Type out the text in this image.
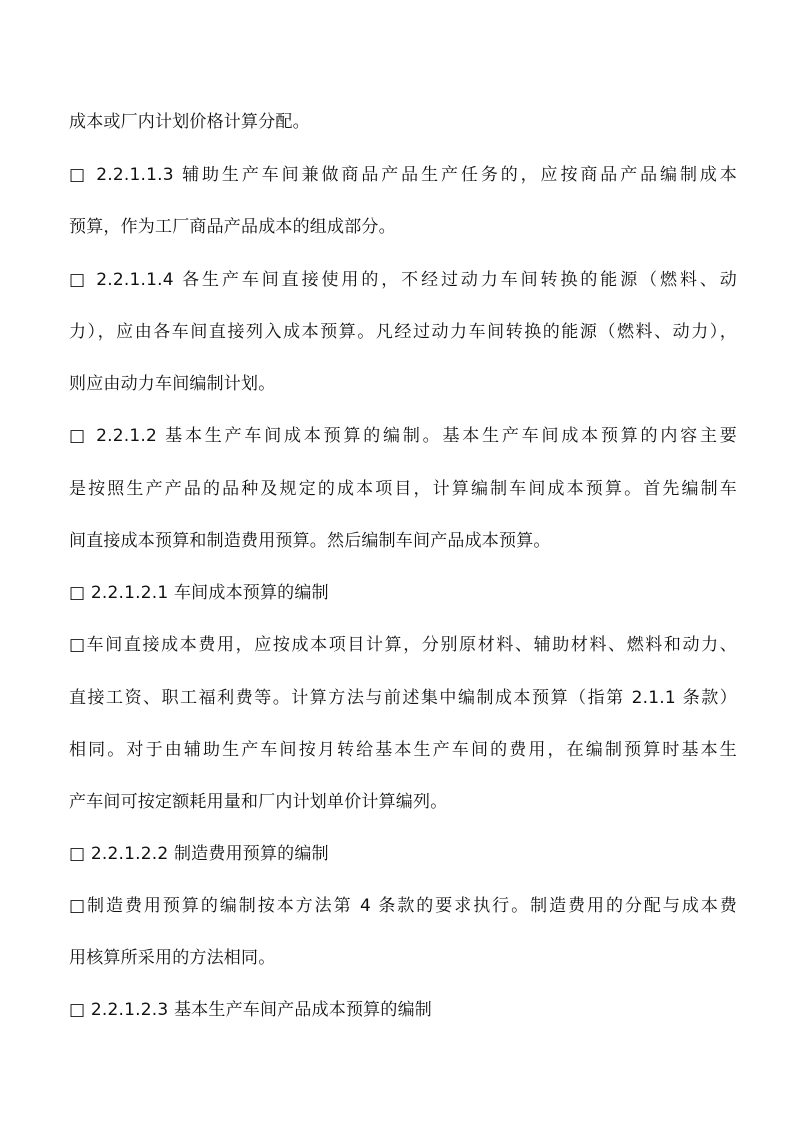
成本或厂内计划价格计算分配。
□ 2.2.1.1.3 辅助生产车间兼做商品产品生产任务的，应按商品产品编制成本
预算，作为工厂商品产品成本的组成部分。
□ 2.2.1.1.4 各生产车间直接使用的，不经过动力车间转换的能源（燃料、动
力），应由各车间直接列入成本预算。凡经过动力车间转换的能源（燃料、动力），
则应由动力车间编制计划。
□ 2.2.1.2 基本生产车间成本预算的编制。基本生产车间成本预算的内容主要
是按照生产产品的品种及规定的成本项目，计算编制车间成本预算。首先编制车
间直接成本预算和制造费用预算。然后编制车间产品成本预算。
□ 2.2.1.2.1 车间成本预算的编制
□车间直接成本费用，应按成本项目计算，分别原材料、辅助材料、燃料和动力、
直接工资、职工福利费等。计算方法与前述集中编制成本预算（指第 2.1.1 条款）
相同。对于由辅助生产车间按月转给基本生产车间的费用，在编制预算时基本生
产车间可按定额耗用量和厂内计划单价计算编列。
□ 2.2.1.2.2 制造费用预算的编制
□制造费用预算的编制按本方法第 4 条款的要求执行。制造费用的分配与成本费
用核算所采用的方法相同。
□ 2.2.1.2.3 基本生产车间产品成本预算的编制
